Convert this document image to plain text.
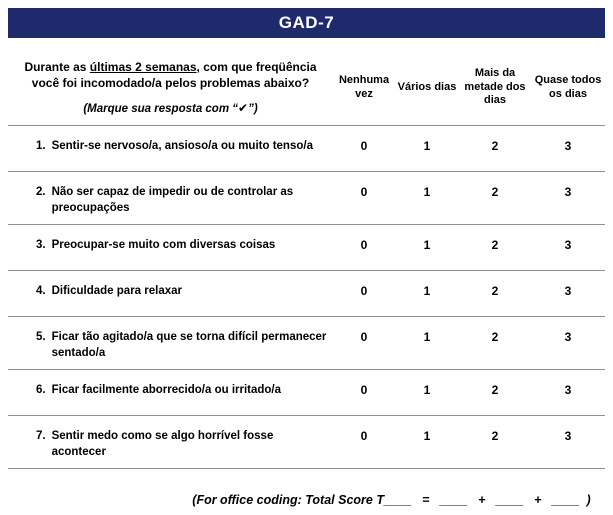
GAD-7
Durante as últimas 2 semanas, com que freqüência você foi incomodado/a pelos problemas abaixo?
(Marque sua resposta com “✔”)
Nenhuma vez
Vários dias
Mais da metade dos dias
Quase todos os dias
1. Sentir-se nervoso/a, ansioso/a ou muito tenso/a	0	1	2	3
2. Não ser capaz de impedir ou de controlar as preocupações
0	1	2	3
3. Preocupar-se muito com diversas coisas	0	1	2	3
4. Dificuldade para relaxar	0	1	2	3
5. Ficar tão agitado/a que se torna difícil permanecer sentado/a
0	1	2	3
6. Ficar facilmente aborrecido/a ou irritado/a	0	1	2	3
7. Sentir medo como se algo horrível fosse acontecer
0	1	2	3
(For office coding: Total Score T____   =   ____   +   ____   +   ____  )
